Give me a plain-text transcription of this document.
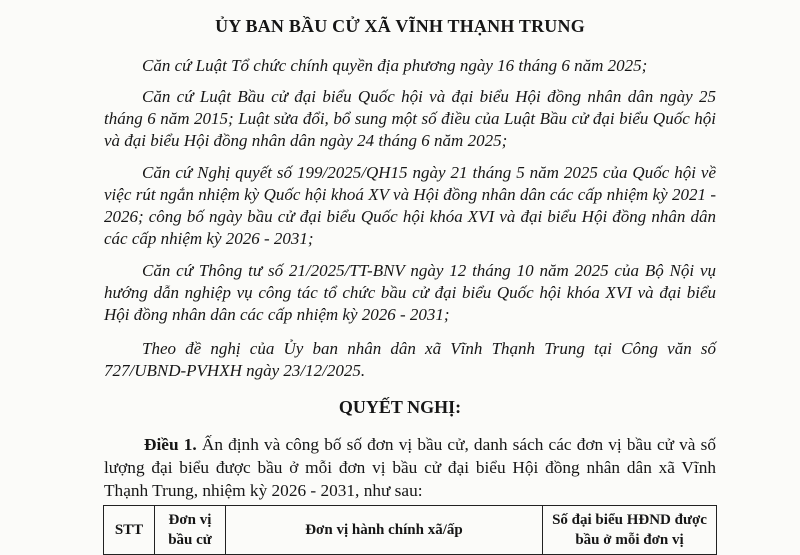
ỦY BAN BẦU CỬ XÃ VĨNH THẠNH TRUNG
Căn cứ Luật Tổ chức chính quyền địa phương ngày 16 tháng 6 năm 2025;
Căn cứ Luật Bầu cử đại biểu Quốc hội và đại biểu Hội đồng nhân dân ngày 25 tháng 6 năm 2015; Luật sửa đổi, bổ sung một số điều của Luật Bầu cử đại biểu Quốc hội và đại biểu Hội đồng nhân dân ngày 24 tháng 6 năm 2025;
Căn cứ Nghị quyết số 199/2025/QH15 ngày 21 tháng 5 năm 2025 của Quốc hội về việc rút ngắn nhiệm kỳ Quốc hội khoá XV và Hội đồng nhân dân các cấp nhiệm kỳ 2021 - 2026; công bố ngày bầu cử đại biểu Quốc hội khóa XVI và đại biểu Hội đồng nhân dân các cấp nhiệm kỳ 2026 - 2031;
Căn cứ Thông tư số 21/2025/TT-BNV ngày 12 tháng 10 năm 2025 của Bộ Nội vụ hướng dẫn nghiệp vụ công tác tổ chức bầu cử đại biểu Quốc hội khóa XVI và đại biểu Hội đồng nhân dân các cấp nhiệm kỳ 2026 - 2031;
Theo đề nghị của Ủy ban nhân dân xã Vĩnh Thạnh Trung tại Công văn số 727/UBND-PVHXH ngày 23/12/2025.
QUYẾT NGHỊ:
Điều 1. Ấn định và công bố số đơn vị bầu cử, danh sách các đơn vị bầu cử và số lượng đại biểu được bầu ở mỗi đơn vị bầu cử đại biểu Hội đồng nhân dân xã Vĩnh Thạnh Trung, nhiệm kỳ 2026 - 2031, như sau:
STT	Đơn vị bầu cử	Đơn vị hành chính xã/ấp	Số đại biểu HĐND được bầu ở mỗi đơn vị
